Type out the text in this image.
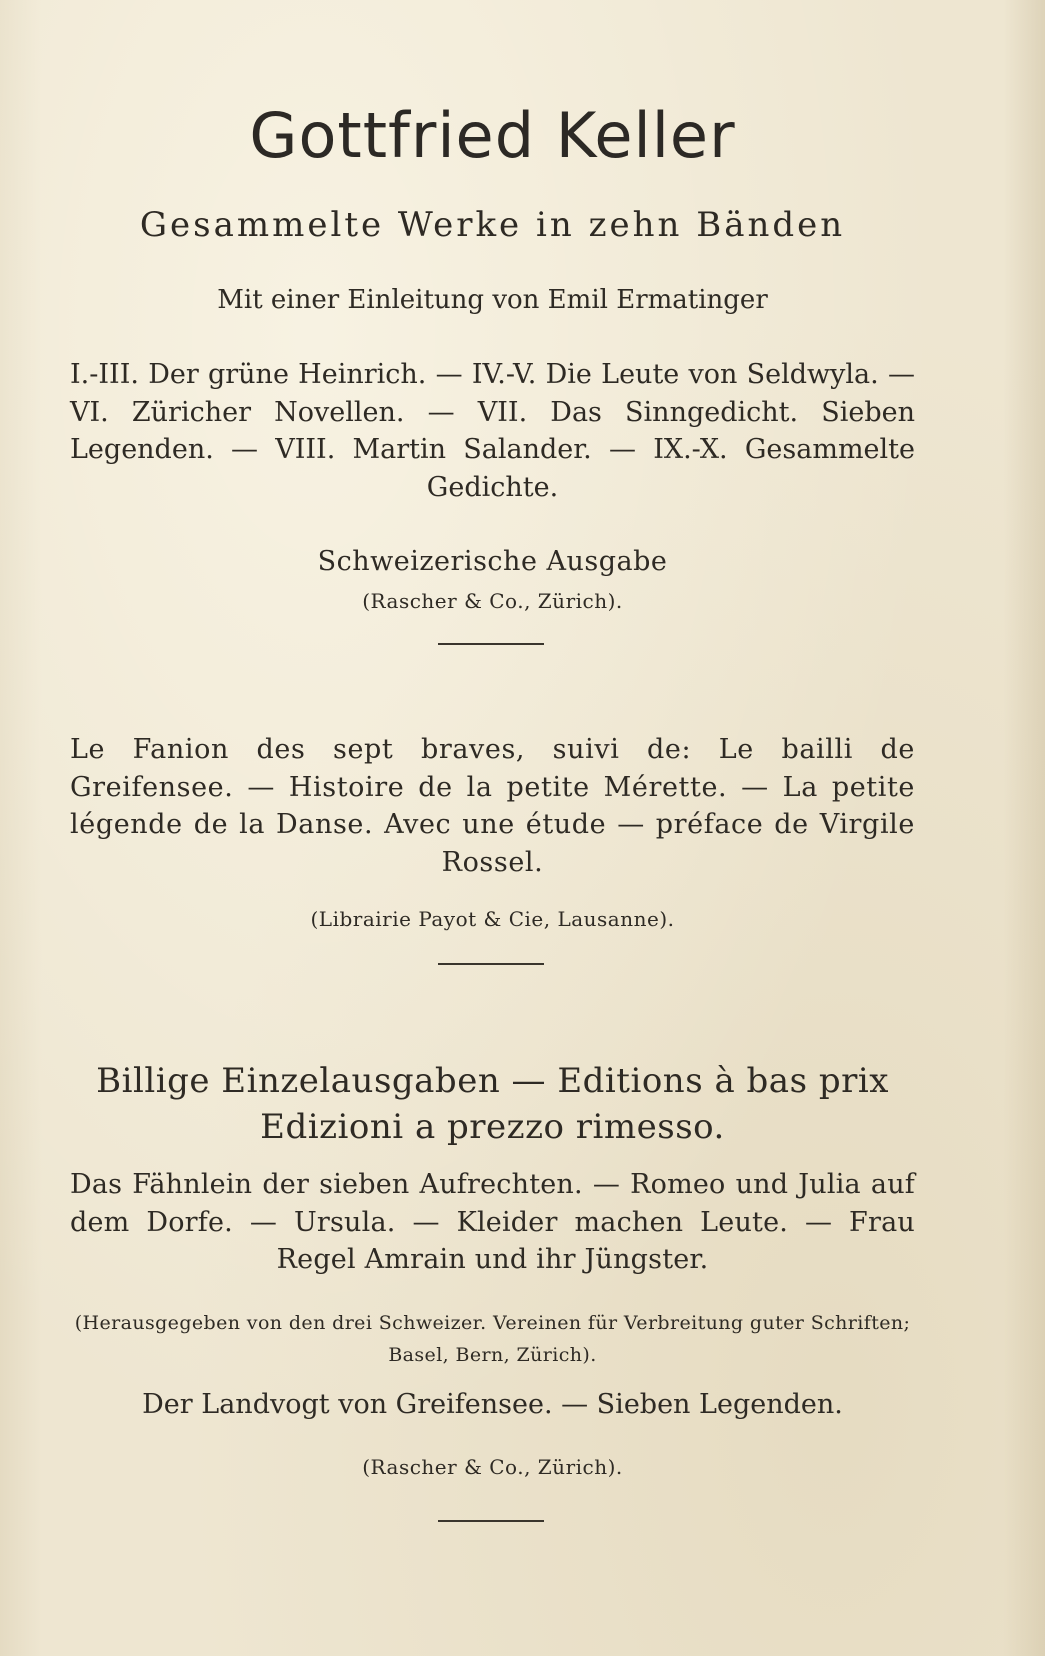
Gottfried Keller
Gesammelte Werke in zehn Bänden

Mit einer Einleitung von Emil Ermatinger

I.-III. Der grüne Heinrich. — IV.-V. Die Leute von Seldwyla. — VI. Züricher Novellen. — VII. Das Sinngedicht. Sieben Legenden. — VIII. Martin Salander. — IX.-X. Gesammelte Gedichte.

Schweizerische Ausgabe

(Rascher & Co., Zürich).

Le Fanion des sept braves, suivi de: Le bailli de Greifensee. — Histoire de la petite Mérette. — La petite légende de la Danse. Avec une étude — préface de Virgile Rossel.

(Librairie Payot & Cie, Lausanne).

Billige Einzelausgaben — Editions à bas prix
Edizioni a prezzo rimesso.

Das Fähnlein der sieben Aufrechten. — Romeo und Julia auf dem Dorfe. — Ursula. — Kleider machen Leute. — Frau Regel Amrain und ihr Jüngster.

(Herausgegeben von den drei Schweizer. Vereinen für Verbreitung guter Schriften; Basel, Bern, Zürich).

Der Landvogt von Greifensee. — Sieben Legenden.

(Rascher & Co., Zürich).
